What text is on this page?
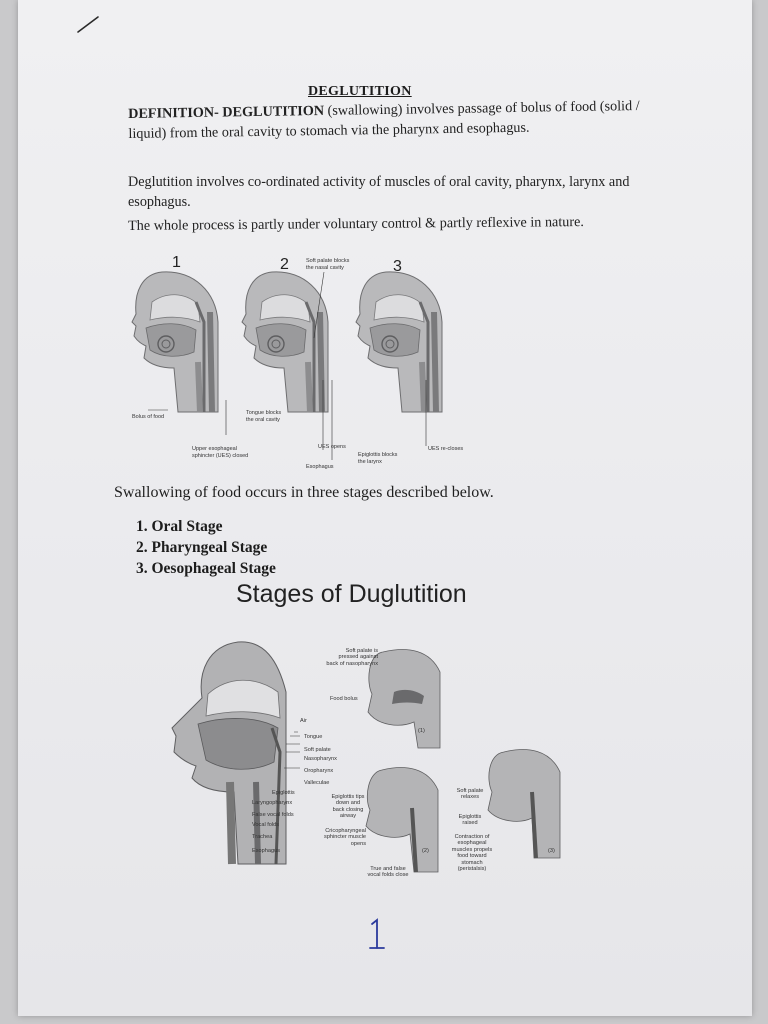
DEGLUTITION
DEFINITION- DEGLUTITION (swallowing) involves passage of bolus of food (solid / liquid) from the oral cavity to stomach via the pharynx and esophagus.
Deglutition involves co-ordinated activity of muscles of oral cavity, pharynx, larynx and esophagus.
The whole process is partly under voluntary control & partly reflexive in nature.
1	2	3
Soft palate blocks
the nasal cavity
Bolus of food
Tongue blocks
the oral cavity
Upper esophageal
sphincter (UES) closed
UES opens
Epiglottis blocks
the larynx
Esophagus
UES re-closes
Swallowing of food occurs in three stages described below.
1. Oral Stage
2. Pharyngeal Stage
3. Oesophageal Stage
Stages of Duglutition
Soft palate is
pressed against
back of nasopharynx
Food bolus
(1)
Air
Tongue
Soft palate
Nasopharynx
Oropharynx
Valleculae
Epiglottis
Laryngopharynx
False vocal folds
Vocal folds
Trachea
Esophagus
Epiglottis tips
down and
back closing
airway
Cricopharyngeal
sphincter muscle
opens
(2)
True and false
vocal folds close
Soft palate
relaxes
Epiglottis
raised
Contraction of
esophageal
muscles propels
food toward
stomach
(peristalsis)
(3)
